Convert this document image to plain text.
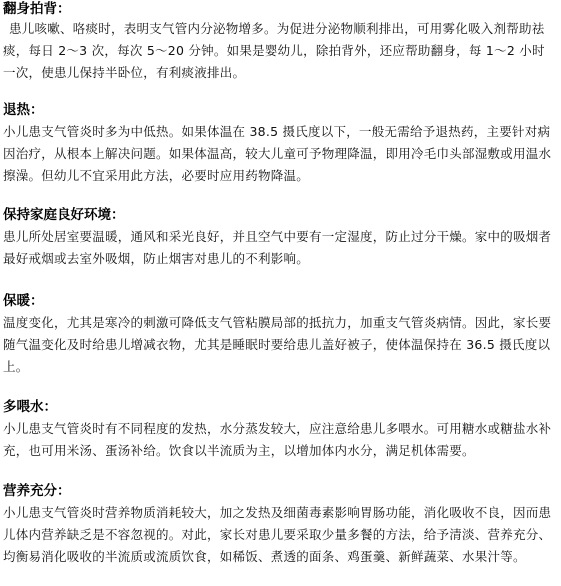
翻身拍背：

患儿咳嗽、咯痰时，表明支气管内分泌物增多。为促进分泌物顺利排出，可用雾化吸入剂帮助祛痰，每日 2～3 次，每次 5～20 分钟。如果是婴幼儿，除拍背外，还应帮助翻身，每 1～2 小时一次，使患儿保持半卧位，有利痰液排出。

退热：

小儿患支气管炎时多为中低热。如果体温在 38.5 摄氏度以下，一般无需给予退热药，主要针对病因治疗，从根本上解决问题。如果体温高，较大儿童可予物理降温，即用冷毛巾头部湿敷或用温水擦澡。但幼儿不宜采用此方法，必要时应用药物降温。

保持家庭良好环境：

患儿所处居室要温暖，通风和采光良好，并且空气中要有一定湿度，防止过分干燥。家中的吸烟者最好戒烟或去室外吸烟，防止烟害对患儿的不利影响。

保暖：

温度变化，尤其是寒冷的刺激可降低支气管粘膜局部的抵抗力，加重支气管炎病情。因此，家长要随气温变化及时给患儿增减衣物，尤其是睡眠时要给患儿盖好被子，使体温保持在 36.5 摄氏度以上。

多喂水：

小儿患支气管炎时有不同程度的发热，水分蒸发较大，应注意给患儿多喂水。可用糖水或糖盐水补充，也可用米汤、蛋汤补给。饮食以半流质为主，以增加体内水分，满足机体需要。

营养充分：

小儿患支气管炎时营养物质消耗较大，加之发热及细菌毒素影响胃肠功能，消化吸收不良，因而患儿体内营养缺乏是不容忽视的。对此，家长对患儿要采取少量多餐的方法，给予清淡、营养充分、均衡易消化吸收的半流质或流质饮食，如稀饭、煮透的面条、鸡蛋羹、新鲜蔬菜、水果汁等。
